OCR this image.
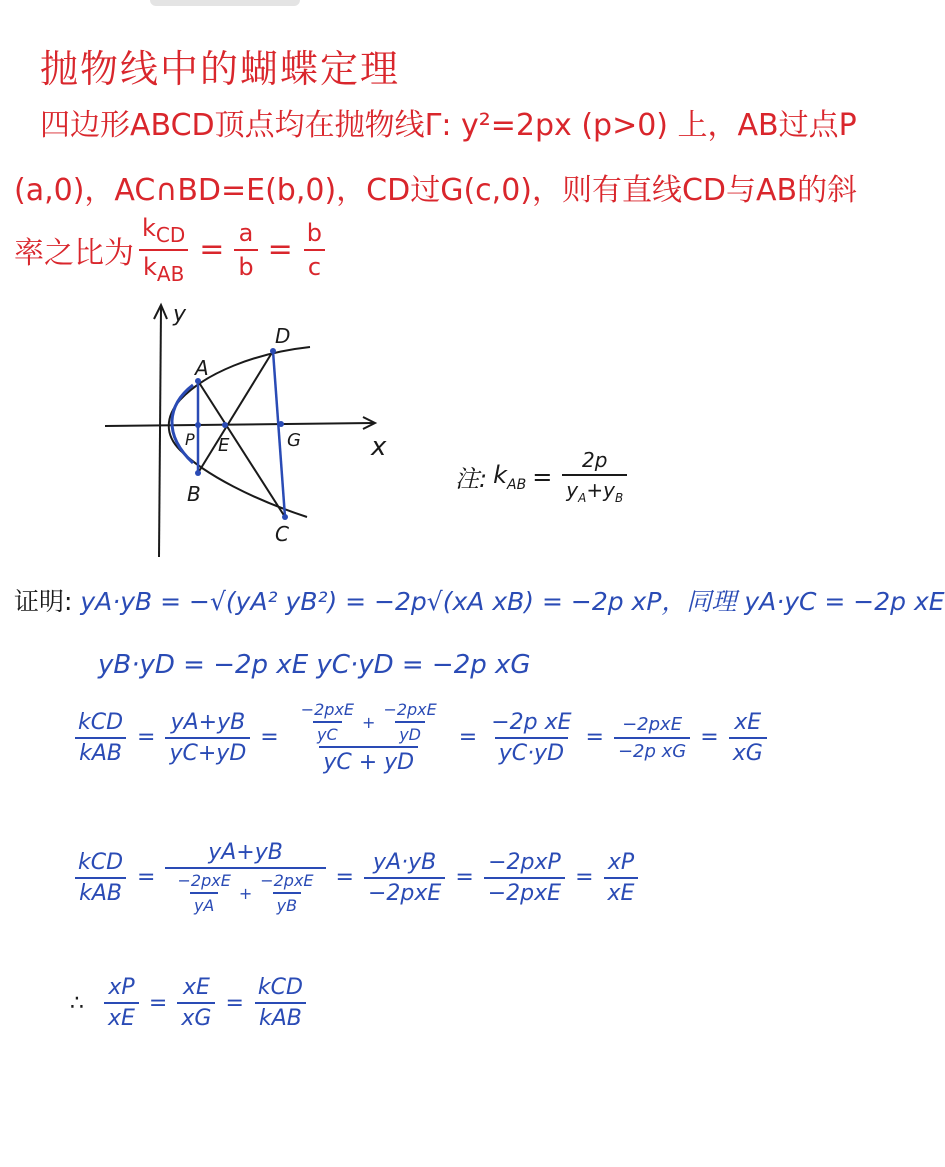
抛物线中的蝴蝶定理
四边形ABCD顶点均在抛物线Γ: y²=2px (p>0) 上，AB过点P
(a,0)，AC∩BD=E(b,0)，CD过G(c,0)，则有直线CD与AB的斜
率之比为 $\frac{k_{CD}}{k_{AB}} = \frac{a}{b} = \frac{b}{c}$
y
x
A
B
C
D
P E	G
注: $k_{AB} = \frac{2p}{y_A+y_B}$
证明: yA·yB = −√(yA² yB²) = −2p√(xA xB) = −2p xP，同理 yA·yC = −2p xE
yB·yD = −2p xE yC·yD = −2p xG
$\frac{\text{kCD}}{\text{kAB}} = \frac{yA+yB}{yC+yD} = \frac{\frac{\text{−2pxE}}{yC} + \frac{\text{−2pxE}}{yD}}{yC + yD} = \frac{\text{−2p xE}}{yC\cdot yD} = \frac{\text{−2pxE}}{\text{−2p xG}} = \frac{xE}{xG}$
$\frac{\text{kCD}}{\text{kAB}} = \frac{yA+yB}{\frac{\text{−2pxE}}{yA} + \frac{\text{−2pxE}}{yB}} = \frac{yA\cdot yB}{\text{−2pxE}} = \frac{\text{−2pxP}}{\text{−2pxE}} = \frac{xP}{xE}$
∴ $\frac{xP}{xE} = \frac{xE}{xG} = \frac{\text{kCD}}{\text{kAB}}$
